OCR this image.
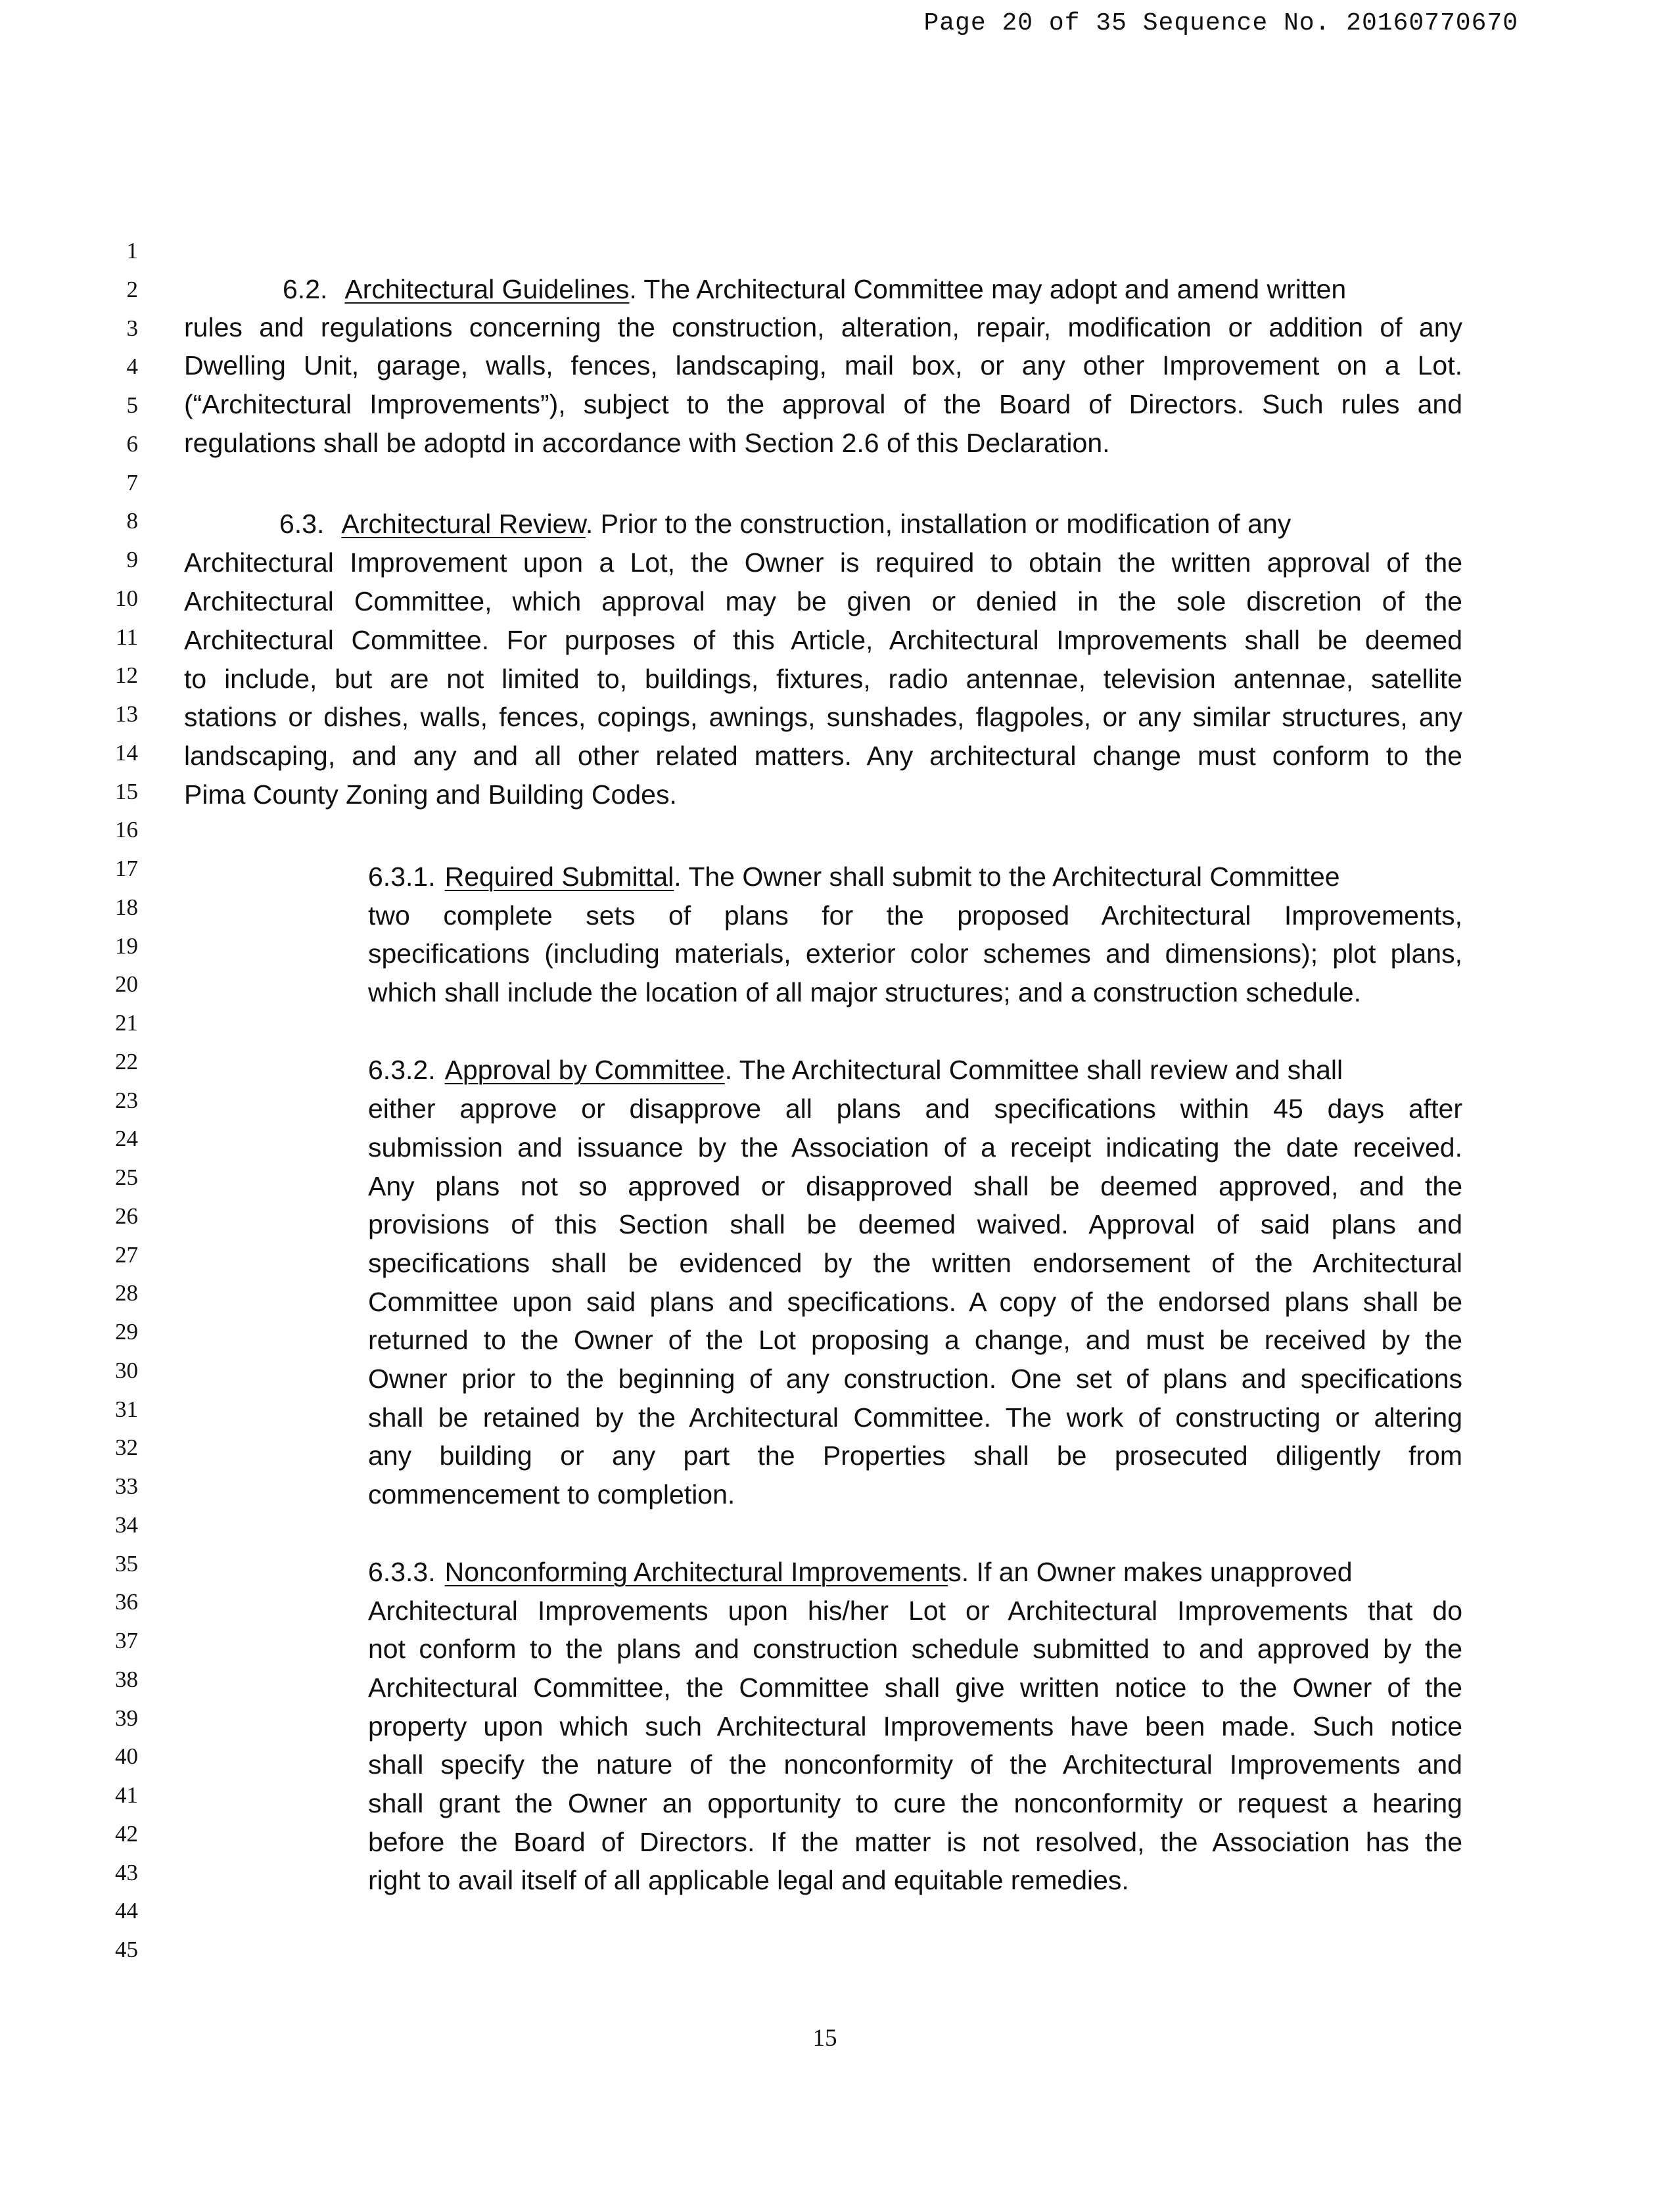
Page 20 of 35 Sequence No. 20160770670
1
2
3
4
5
6
7
8
9
10
11
12
13
14
15
16
17
18
19
20
21
22
23
24
25
26
27
28
29
30
31
32
33
34
35
36
37
38
39
40
41
42
43
44
45
6.2. Architectural Guidelines. The Architectural Committee may adopt and amend written
rules and regulations concerning the construction, alteration, repair, modification or addition of any
Dwelling Unit, garage, walls, fences, landscaping, mail box, or any other Improvement on a Lot.
(“Architectural Improvements”), subject to the approval of the Board of Directors. Such rules and
regulations shall be adoptd in accordance with Section 2.6 of this Declaration.
6.3. Architectural Review. Prior to the construction, installation or modification of any
Architectural Improvement upon a Lot, the Owner is required to obtain the written approval of the
Architectural Committee, which approval may be given or denied in the sole discretion of the
Architectural Committee. For purposes of this Article, Architectural Improvements shall be deemed
to include, but are not limited to, buildings, fixtures, radio antennae, television antennae, satellite
stations or dishes, walls, fences, copings, awnings, sunshades, flagpoles, or any similar structures, any
landscaping, and any and all other related matters. Any architectural change must conform to the
Pima County Zoning and Building Codes.
6.3.1. Required Submittal. The Owner shall submit to the Architectural Committee
two complete sets of plans for the proposed Architectural Improvements,
specifications (including materials, exterior color schemes and dimensions); plot plans,
which shall include the location of all major structures; and a construction schedule.
6.3.2. Approval by Committee. The Architectural Committee shall review and shall
either approve or disapprove all plans and specifications within 45 days after
submission and issuance by the Association of a receipt indicating the date received.
Any plans not so approved or disapproved shall be deemed approved, and the
provisions of this Section shall be deemed waived. Approval of said plans and
specifications shall be evidenced by the written endorsement of the Architectural
Committee upon said plans and specifications. A copy of the endorsed plans shall be
returned to the Owner of the Lot proposing a change, and must be received by the
Owner prior to the beginning of any construction. One set of plans and specifications
shall be retained by the Architectural Committee. The work of constructing or altering
any building or any part the Properties shall be prosecuted diligently from
commencement to completion.
6.3.3. Nonconforming Architectural Improvements. If an Owner makes unapproved
Architectural Improvements upon his/her Lot or Architectural Improvements that do
not conform to the plans and construction schedule submitted to and approved by the
Architectural Committee, the Committee shall give written notice to the Owner of the
property upon which such Architectural Improvements have been made. Such notice
shall specify the nature of the nonconformity of the Architectural Improvements and
shall grant the Owner an opportunity to cure the nonconformity or request a hearing
before the Board of Directors. If the matter is not resolved, the Association has the
right to avail itself of all applicable legal and equitable remedies.
15
